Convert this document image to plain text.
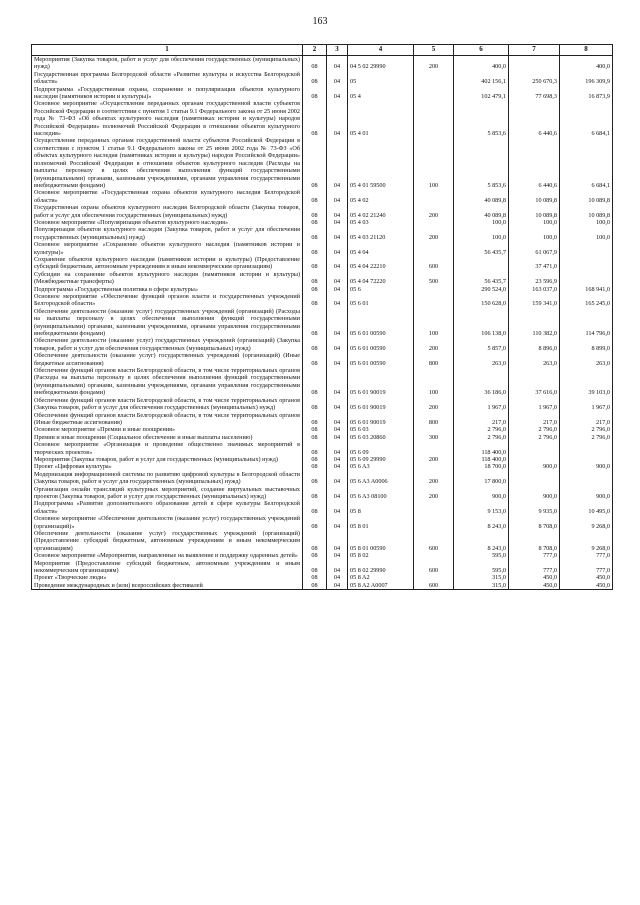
163
1	2	3	4	5	6	7	8
Мероприятия (Закупка товаров, работ и услуг для обеспечения государственных (муниципальных) нужд)	08	04	04 5 02 29990	200	400,0		400,0
Государственная программа Белгородской области «Развитие культуры и искусства Белгородской области»	08	04	05		402 156,1	250 670,3	196 309,9
Подпрограмма «Государственная охрана, сохранение и популяризация объектов культурного наследия (памятников истории и культуры)»	08	04	05 4		102 479,1	77 698,3	16 873,9
Основное мероприятие «Осуществление переданных органам государственной власти субъектов Российской Федерации в соответствии с пунктом 1 статьи 9.1 Федерального закона от 25 июня 2002 года № 73-ФЗ «Об объектах культурного наследия (памятниках истории и культуры) народов Российской Федерации» полномочий Российской Федерации в отношении объектов культурного наследия»	08	04	05 4 01		5 853,6	6 440,6	6 684,1
Осуществление переданных органам государственной власти субъектов Российской Федерации в соответствии с пунктом 1 статьи 9.1 Федерального закона от 25 июня 2002 года № 73-ФЗ «Об объектах культурного наследия (памятниках истории и культуры) народов Российской Федерации» полномочий Российской Федерации в отношении объектов культурного наследия (Расходы на выплаты персоналу в целях обеспечения выполнения функций государственными (муниципальными) органами, казенными учреждениями, органами управления государственными внебюджетными фондами)	08	04	05 4 01 59500	100	5 853,6	6 440,6	6 684,1
Основное мероприятие «Государственная охрана объектов культурного наследия Белгородской области»	08	04	05 4 02		40 089,8	10 089,8	10 089,8
Государственная охрана объектов культурного наследия Белгородской области (Закупка товаров, работ и услуг для обеспечения государственных (муниципальных) нужд)	08	04	05 4 02 21240	200	40 089,8	10 089,8	10 089,8
Основное мероприятие «Популяризация объектов культурного наследия»	08	04	05 4 03		100,0	100,0	100,0
Популяризация объектов культурного наследия (Закупка товаров, работ и услуг для обеспечения государственных (муниципальных) нужд)	08	04	05 4 03 21120	200	100,0	100,0	100,0
Основное мероприятие «Сохранение объектов культурного наследия (памятников истории и культуры)»	08	04	05 4 04		56 435,7	61 067,9	
Сохранение объектов культурного наследия (памятников истории и культуры) (Предоставление субсидий бюджетным, автономным учреждениям и иным некоммерческим организациям)	08	04	05 4 04 22210	600		37 471,0	
Субсидии на сохранение объектов культурного наследия (памятников истории и культуры) (Межбюджетные трансферты)	08	04	05 4 04 72220	500	56 435,7	23 596,9	
Подпрограмма «Государственная политика в сфере культуры»	08	04	05 6		290 524,0	163 037,0	168 941,0
Основное мероприятие «Обеспечение функций органов власти и государственных учреждений Белгородской области»	08	04	05 6 01		150 628,0	159 341,0	165 245,0
Обеспечение деятельности (оказание услуг) государственных учреждений (организаций) (Расходы на выплаты персоналу в целях обеспечения выполнения функций государственными (муниципальными) органами, казенными учреждениями, органами управления государственными внебюджетными фондами)	08	04	05 6 01 00590	100	106 138,0	110 382,0	114 796,0
Обеспечение деятельности (оказание услуг) государственных учреждений (организаций) (Закупка товаров, работ и услуг для обеспечения государственных (муниципальных) нужд)	08	04	05 6 01 00590	200	5 857,0	8 896,0	8 899,0
Обеспечение деятельности (оказание услуг) государственных учреждений (организаций) (Иные бюджетные ассигнования)	08	04	05 6 01 00590	800	263,0	263,0	263,0
Обеспечение функций органов власти Белгородской области, в том числе территориальных органов (Расходы на выплаты персоналу в целях обеспечения выполнения функций государственными (муниципальными) органами, казенными учреждениями, органами управления государственными внебюджетными фондами)	08	04	05 6 01 90019	100	36 186,0	37 616,0	39 103,0
Обеспечение функций органов власти Белгородской области, в том числе территориальных органов (Закупка товаров, работ и услуг для обеспечения государственных (муниципальных) нужд)	08	04	05 6 01 90019	200	1 967,0	1 967,0	1 967,0
Обеспечение функций органов власти Белгородской области, в том числе территориальных органов (Иные бюджетные ассигнования)	08	04	05 6 01 90019	800	217,0	217,0	217,0
Основное мероприятие «Премии и иные поощрения»	08	04	05 6 03		2 796,0	2 796,0	2 796,0
Премии и иные поощрения (Социальное обеспечение и иные выплаты населению)	08	04	05 6 03 20860	300	2 796,0	2 796,0	2 796,0
Основное мероприятие «Организация и проведение общественно значимых мероприятий в творческих проектов»	08	04	05 6 09		118 400,0		
Мероприятия (Закупка товаров, работ и услуг для государственных (муниципальных) нужд)	08	04	05 6 09 29990	200	118 400,0		
Проект «Цифровая культура»	08	04	05 6 A3		18 700,0	900,0	900,0
Модернизация информационной системы по развитию цифровой культуры в Белгородской области (Закупка товаров, работ и услуг для государственных (муниципальных) нужд)	08	04	05 6 A3 A0006	200	17 800,0		
Организация онлайн трансляций культурных мероприятий, создание виртуальных выставочных проектов (Закупка товаров, работ и услуг для государственных (муниципальных) нужд)	08	04	05 6 A3 08100	200	900,0	900,0	900,0
Подпрограмма «Развитие дополнительного образования детей в сфере культуры Белгородской области»	08	04	05 8		9 153,0	9 935,0	10 495,0
Основное мероприятие «Обеспечение деятельности (оказание услуг) государственных учреждений (организаций)»	08	04	05 8 01		8 243,0	8 708,0	9 268,0
Обеспечение деятельности (оказание услуг) государственных учреждений (организаций) (Предоставление субсидий бюджетным, автономным учреждениям и иным некоммерческим организациям)	08	04	05 8 01 00590	600	8 243,0	8 708,0	9 268,0
Основное мероприятие «Мероприятия, направленные на выявление и поддержку одаренных детей»	08	04	05 8 02		595,0	777,0	777,0
Мероприятия (Предоставление субсидий бюджетным, автономным учреждениям и иным некоммерческим организациям)	08	04	05 8 02 29990	600	595,0	777,0	777,0
Проект «Творческие люди»	08	04	05 8 A2		315,0	450,0	450,0
Проведение международных и (или) всероссийских фестивалей	08	04	05 8 A2 A0007	600	315,0	450,0	450,0
